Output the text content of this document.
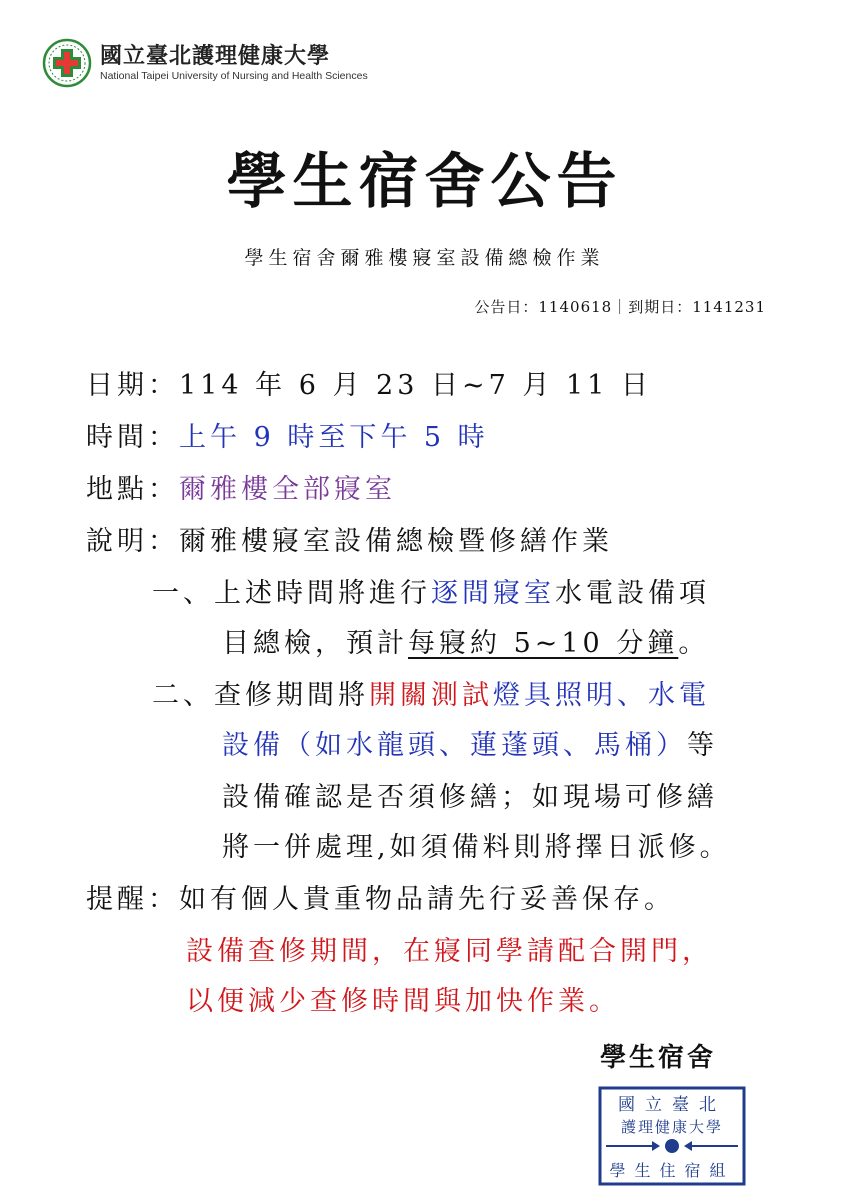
國立臺北護理健康大學
National Taipei University of Nursing and Health Sciences
學生宿舍公告
學生宿舍爾雅樓寢室設備總檢作業
公告日：1140618｜到期日：1141231
日期：114 年 6 月 23 日~7 月 11 日
時間：上午 9 時至下午 5 時
地點：爾雅樓全部寢室
說明：爾雅樓寢室設備總檢暨修繕作業
一、上述時間將進行逐間寢室水電設備項
目總檢，預計每寢約 5~10 分鐘。
二、查修期間將開關測試燈具照明、水電
設備（如水龍頭、蓮蓬頭、馬桶）等
設備確認是否須修繕；如現場可修繕
將一併處理,如須備料則將擇日派修。
提醒：如有個人貴重物品請先行妥善保存。
設備查修期間，在寢同學請配合開門，
以便減少查修時間與加快作業。
學生宿舍
國立臺北
護理健康大學
學生住宿組
